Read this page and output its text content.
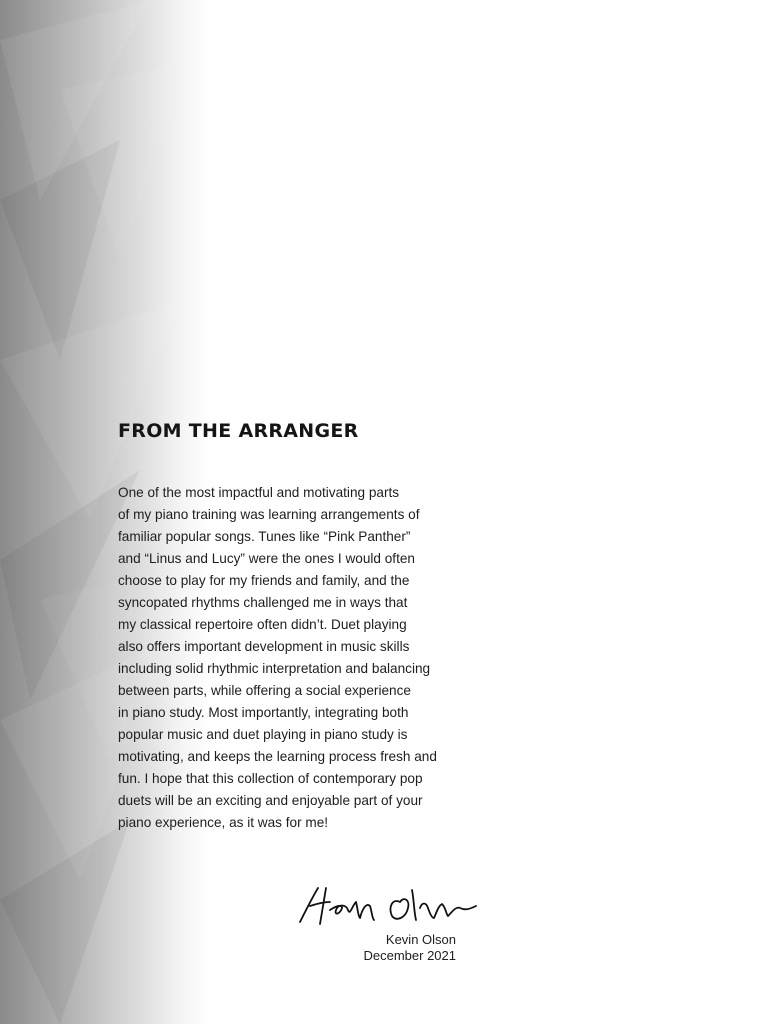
FROM THE ARRANGER

One of the most impactful and motivating parts

of my piano training was learning arrangements of

familiar popular songs. Tunes like “Pink Panther”

and “Linus and Lucy” were the ones I would often

choose to play for my friends and family, and the

syncopated rhythms challenged me in ways that

my classical repertoire often didn’t. Duet playing

also offers important development in music skills

including solid rhythmic interpretation and balancing

between parts, while offering a social experience

in piano study. Most importantly, integrating both

popular music and duet playing in piano study is

motivating, and keeps the learning process fresh and

fun. I hope that this collection of contemporary pop

duets will be an exciting and enjoyable part of your

piano experience, as it was for me!

Kevin Olson
December 2021
